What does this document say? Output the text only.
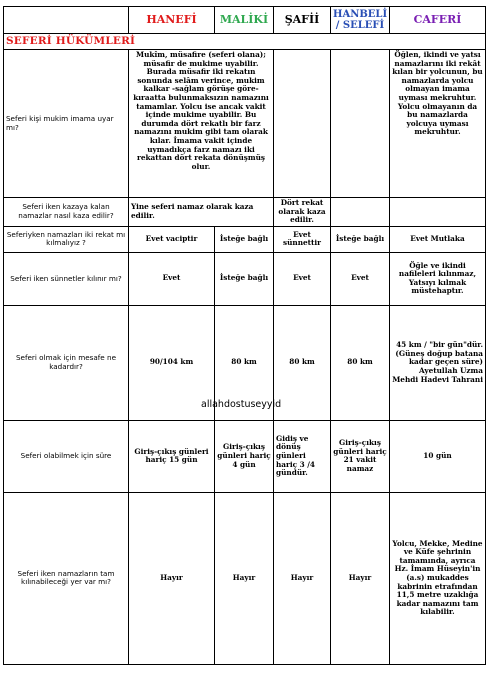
	HANEFİ	MALİKİ	ŞAFİİ	HANBELİ / SELEFİ	CAFERİ
SEFERİ HÜKÜMLERİ					
Seferi kişi mukim imama uyar mı?	Mukîm, müsafire (seferi olana); müsafir de mukime uyabilir. Burada müsafir iki rekatın sonunda selâm verince, mukim kalkar -sağlam görüşe göre- kıraatta bulunmaksızın namazını tamamlar. Yolcu ise ancak vakit içinde mukime uyabilir. Bu durumda dört rekatlı bir farz namazını mukim gibi tam olarak kılar. İmama vakit içinde uymadıkça farz namazı iki rekattan dört rekata dönüşmüş olur.				Öğlen, ikindi ve yatsı namazlarını iki rekât kılan bir yolcunun, bu namazlarda yolcu olmayan imama uyması mekruhtur. Yolcu olmayanın da bu namazlarda yolcuya uyması mekruhtur.
Seferi iken kazaya kalan namazlar nasıl kaza edilir?	Yine seferi namaz olarak kaza edilir.		Dört rekat olarak kaza edilir.		
Seferiyken namazları iki rekat mı kılmalıyız ?	Evet vaciptir	İsteğe bağlı	Evet sünnettir	İsteğe bağlı	Evet Mutlaka
Seferi iken sünnetler kılınır mı?	Evet	İsteğe bağlı	Evet	Evet	Öğle ve ikindi nafileleri kılınmaz, Yatsıyı kılmak müstehaptır.
Seferi olmak için mesafe ne kadardır?	90/104 km	80 km	80 km	80 km	45 km / "bir gün"dür.(Güneş doğup batana kadar geçen süre) Ayetullah Uzma Mehdi Hadevi Tahrani
Seferi olabilmek için süre	Giriş-çıkış günleri hariç 15 gün	Giriş-çıkış günleri hariç 4 gün	Gidiş ve dönüş günleri hariç 3 /4 gündür.	Giriş-çıkış günleri hariç 21 vakit namaz	10 gün
Seferi iken namazların tam kılınabileceği yer var mı?	Hayır	Hayır	Hayır	Hayır	Yolcu, Mekke, Medine ve Küfe şehrinin tamamında, ayrıca Hz. İmam Hüseyin'in (a.s) mukaddes kabrinin etrafından 11,5 metre uzaklığa kadar namazını tam kılabilir.
allahdostuseyyid
